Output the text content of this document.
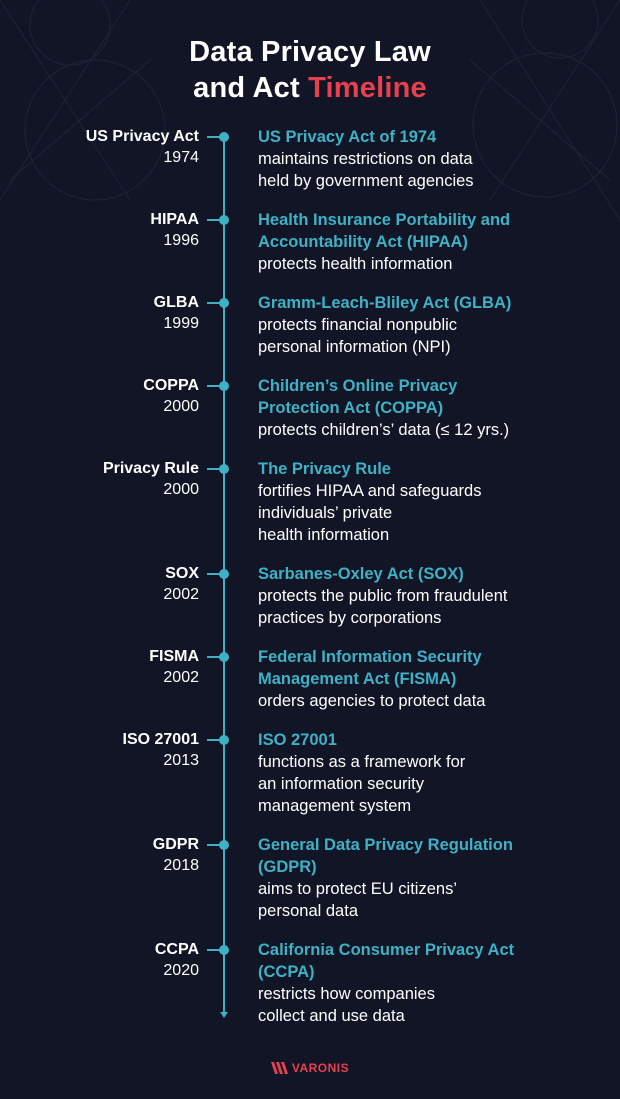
Data Privacy Law
and Act Timeline
US Privacy Act
1974
US Privacy Act of 1974
maintains restrictions on data
held by government agencies
HIPAA
1996
Health Insurance Portability and
Accountability Act (HIPAA)
protects health information
GLBA
1999
Gramm-Leach-Bliley Act (GLBA)
protects financial nonpublic
personal information (NPI)
COPPA
2000
Children’s Online Privacy
Protection Act (COPPA)
protects children’s’ data (≤ 12 yrs.)
Privacy Rule
2000
The Privacy Rule
fortifies HIPAA and safeguards
individuals’ private
health information
SOX
2002
Sarbanes-Oxley Act (SOX)
protects the public from fraudulent
practices by corporations
FISMA
2002
Federal Information Security
Management Act (FISMA)
orders agencies to protect data
ISO 27001
2013
ISO 27001
functions as a framework for
an information security
management system
GDPR
2018
General Data Privacy Regulation
(GDPR)
aims to protect EU citizens’
personal data
CCPA
2020
California Consumer Privacy Act
(CCPA)
restricts how companies
collect and use data
VARONIS
